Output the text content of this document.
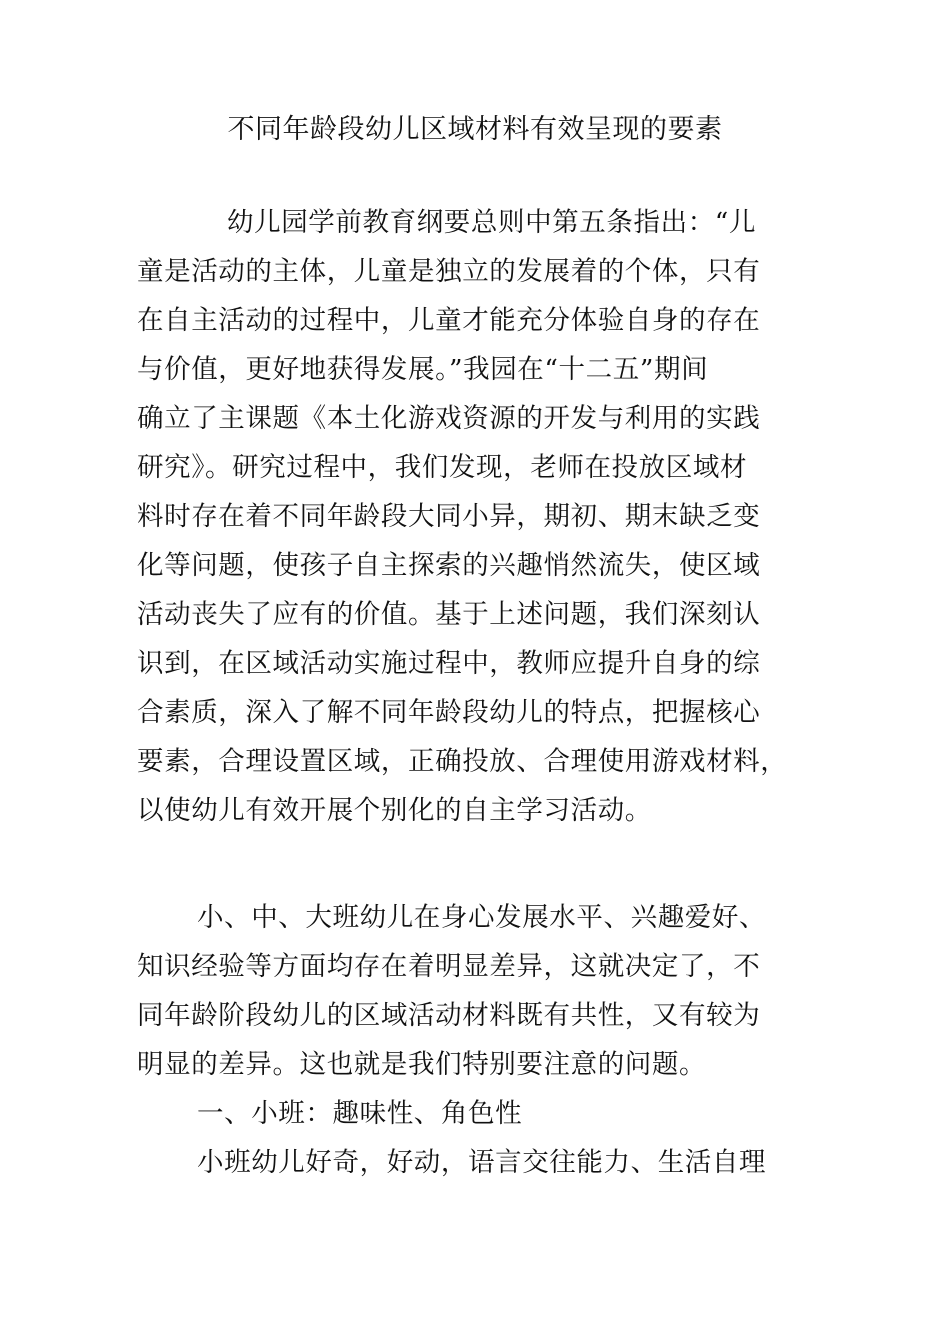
不同年龄段幼儿区域材料有效呈现的要素
幼儿园学前教育纲要总则中第五条指出：“儿
童是活动的主体，儿童是独立的发展着的个体，只有
在自主活动的过程中，儿童才能充分体验自身的存在
与价值，更好地获得发展。”我园在“十二五”期间
确立了主课题《本土化游戏资源的开发与利用的实践
研究》。研究过程中，我们发现，老师在投放区域材
料时存在着不同年龄段大同小异，期初、期末缺乏变
化等问题，使孩子自主探索的兴趣悄然流失，使区域
活动丧失了应有的价值。基于上述问题，我们深刻认
识到，在区域活动实施过程中，教师应提升自身的综
合素质，深入了解不同年龄段幼儿的特点，把握核心
要素，合理设置区域，正确投放、合理使用游戏材料，
以使幼儿有效开展个别化的自主学习活动。
小、中、大班幼儿在身心发展水平、兴趣爱好、
知识经验等方面均存在着明显差异，这就决定了，不
同年龄阶段幼儿的区域活动材料既有共性，又有较为
明显的差异。这也就是我们特别要注意的问题。
一、小班：趣味性、角色性
小班幼儿好奇，好动，语言交往能力、生活自理
